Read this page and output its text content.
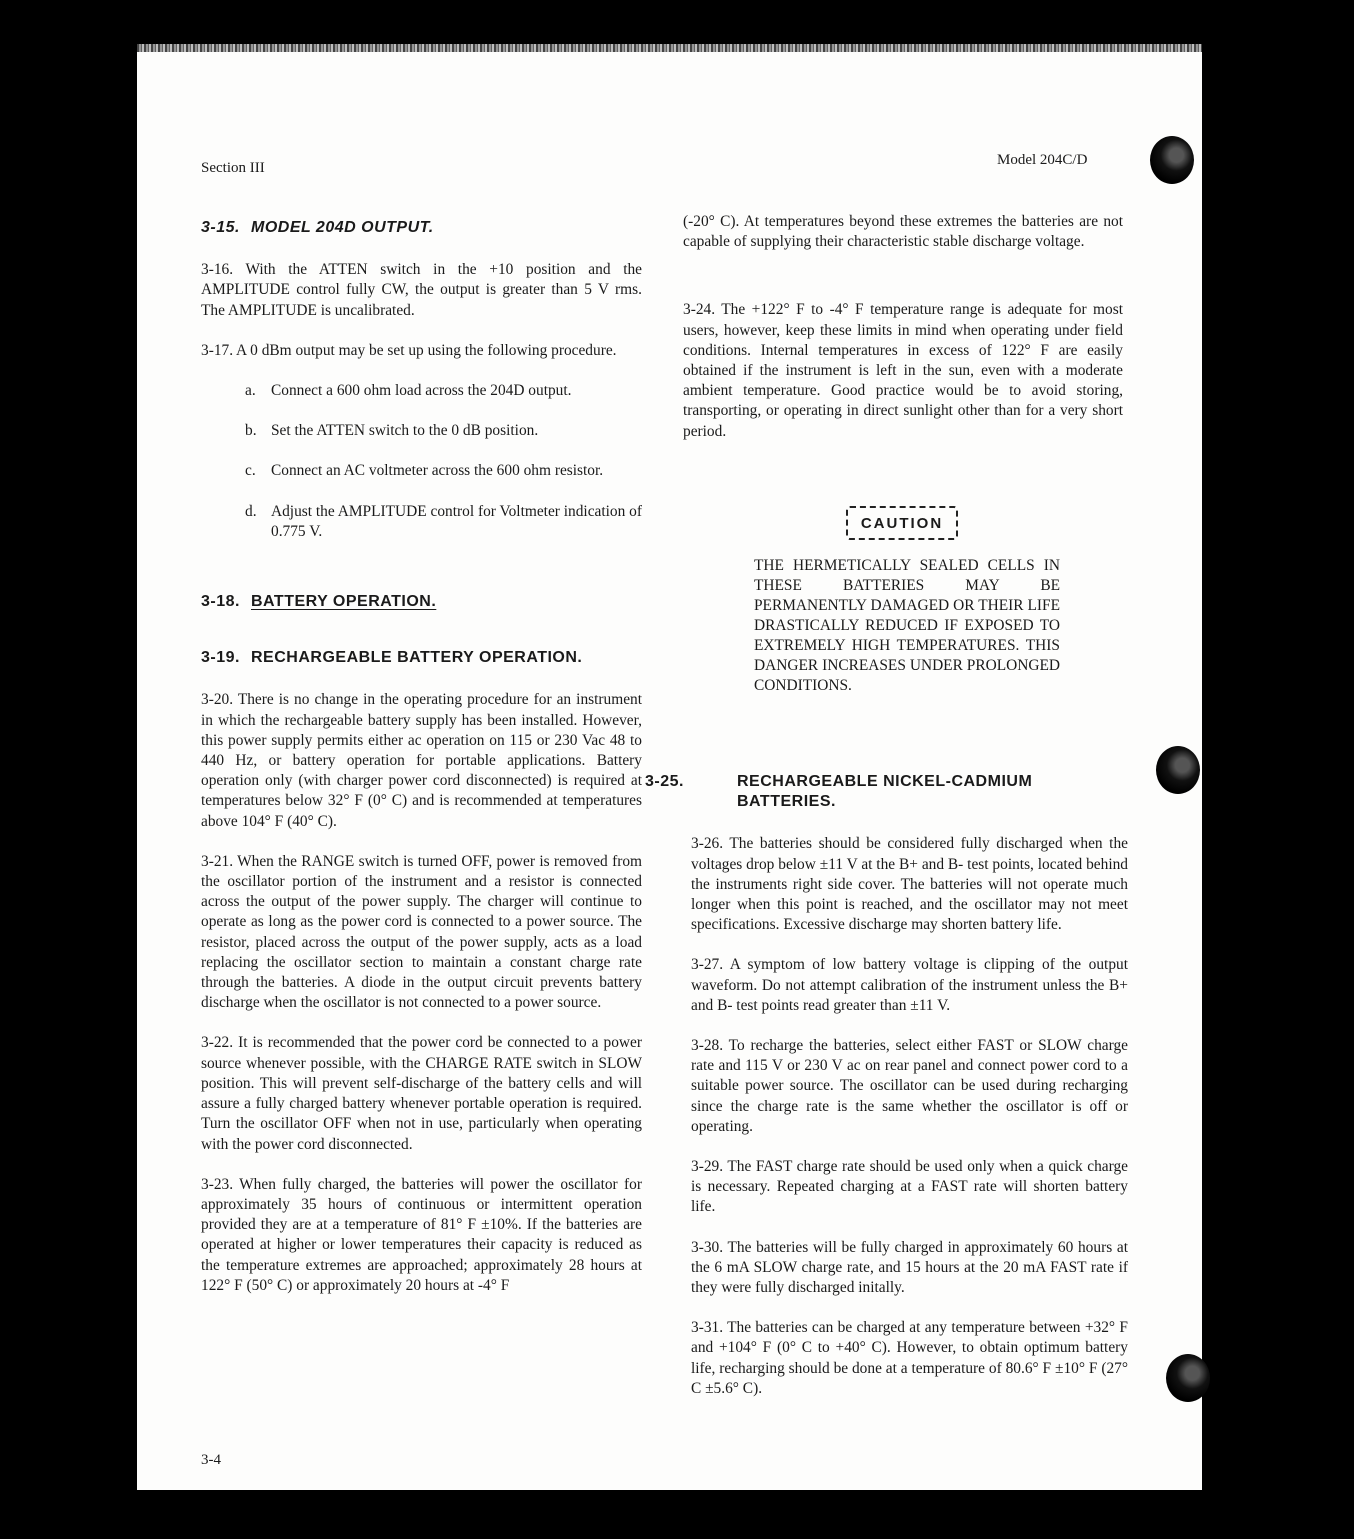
Section III	Model 204C/D
3-15. MODEL 204D OUTPUT.

3-16. With the ATTEN switch in the +10 position and the AMPLITUDE control fully CW, the output is greater than 5 V rms. The AMPLITUDE is uncalibrated.

3-17. A 0 dBm output may be set up using the following procedure.

a. Connect a 600 ohm load across the 204D output.
b. Set the ATTEN switch to the 0 dB position.
c. Connect an AC voltmeter across the 600 ohm resistor.
d. Adjust the AMPLITUDE control for Voltmeter indication of 0.775 V.
3-18. BATTERY OPERATION.
3-19. RECHARGEABLE BATTERY OPERATION.

3-20. There is no change in the operating procedure for an instrument in which the rechargeable battery supply has been installed. However, this power supply permits either ac operation on 115 or 230 Vac 48 to 440 Hz, or battery operation for portable applications. Battery operation only (with charger power cord disconnected) is required at temperatures below 32° F (0° C) and is recommended at temperatures above 104° F (40° C).

3-21. When the RANGE switch is turned OFF, power is removed from the oscillator portion of the instrument and a resistor is connected across the output of the power supply. The charger will continue to operate as long as the power cord is connected to a power source. The resistor, placed across the output of the power supply, acts as a load replacing the oscillator section to maintain a constant charge rate through the batteries. A diode in the output circuit prevents battery discharge when the oscillator is not connected to a power source.

3-22. It is recommended that the power cord be connected to a power source whenever possible, with the CHARGE RATE switch in SLOW position. This will prevent self-discharge of the battery cells and will assure a fully charged battery whenever portable operation is required. Turn the oscillator OFF when not in use, particularly when operating with the power cord disconnected.

3-23. When fully charged, the batteries will power the oscillator for approximately 35 hours of continuous or intermittent operation provided they are at a temperature of 81° F ±10%. If the batteries are operated at higher or lower temperatures their capacity is reduced as the temperature extremes are approached; approximately 28 hours at 122° F (50° C) or approximately 20 hours at -4° F

(-20° C). At temperatures beyond these extremes the batteries are not capable of supplying their characteristic stable discharge voltage.

3-24. The +122° F to -4° F temperature range is adequate for most users, however, keep these limits in mind when operating under field conditions. Internal temperatures in excess of 122° F are easily obtained if the instrument is left in the sun, even with a moderate ambient temperature. Good practice would be to avoid storing, transporting, or operating in direct sunlight other than for a very short period.

CAUTION
THE HERMETICALLY SEALED CELLS IN THESE BATTERIES MAY BE PERMANENTLY DAMAGED OR THEIR LIFE DRASTICALLY REDUCED IF EXPOSED TO EXTREMELY HIGH TEMPERATURES. THIS DANGER INCREASES UNDER PROLONGED CONDITIONS.
3-25.	RECHARGEABLE NICKEL-CADMIUM BATTERIES.

3-26. The batteries should be considered fully discharged when the voltages drop below ±11 V at the B+ and B- test points, located behind the instruments right side cover. The batteries will not operate much longer when this point is reached, and the oscillator may not meet specifications. Excessive discharge may shorten battery life.

3-27. A symptom of low battery voltage is clipping of the output waveform. Do not attempt calibration of the instrument unless the B+ and B- test points read greater than ±11 V.

3-28. To recharge the batteries, select either FAST or SLOW charge rate and 115 V or 230 V ac on rear panel and connect power cord to a suitable power source. The oscillator can be used during recharging since the charge rate is the same whether the oscillator is off or operating.

3-29. The FAST charge rate should be used only when a quick charge is necessary. Repeated charging at a FAST rate will shorten battery life.

3-30. The batteries will be fully charged in approximately 60 hours at the 6 mA SLOW charge rate, and 15 hours at the 20 mA FAST rate if they were fully discharged initally.

3-31. The batteries can be charged at any temperature between +32° F and +104° F (0° C to +40° C). However, to obtain optimum battery life, recharging should be done at a temperature of 80.6° F ±10° F (27° C ±5.6° C).

3-4
